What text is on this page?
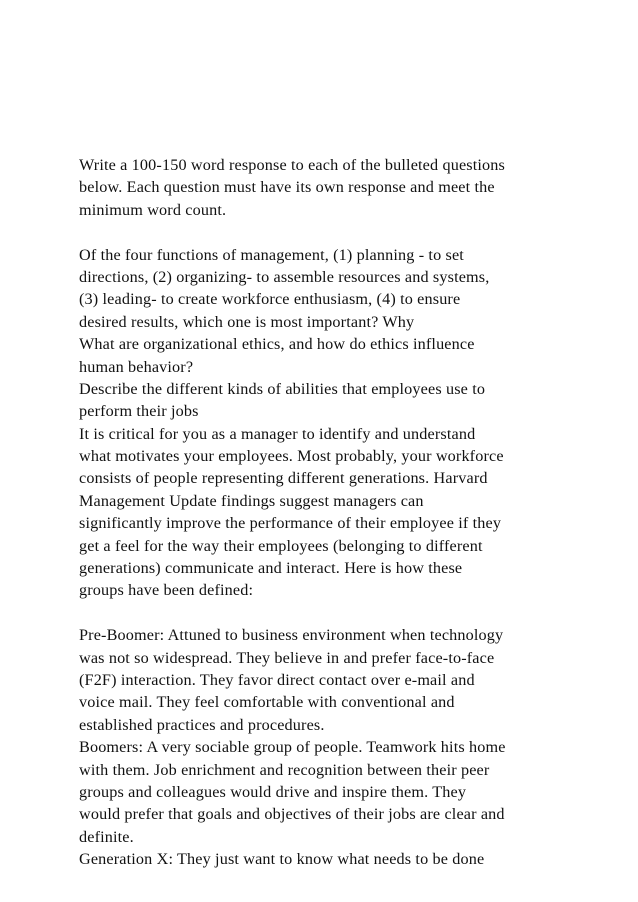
Write a 100-150 word response to each of the bulleted questions
below. Each question must have its own response and meet the
minimum word count.
Of the four functions of management, (1) planning - to set
directions, (2) organizing- to assemble resources and systems,
(3) leading- to create workforce enthusiasm, (4) to ensure
desired results, which one is most important? Why
What are organizational ethics, and how do ethics influence
human behavior?
Describe the different kinds of abilities that employees use to
perform their jobs
It is critical for you as a manager to identify and understand
what motivates your employees. Most probably, your workforce
consists of people representing different generations. Harvard
Management Update findings suggest managers can
significantly improve the performance of their employee if they
get a feel for the way their employees (belonging to different
generations) communicate and interact. Here is how these
groups have been defined:
Pre-Boomer: Attuned to business environment when technology
was not so widespread. They believe in and prefer face-to-face
(F2F) interaction. They favor direct contact over e-mail and
voice mail. They feel comfortable with conventional and
established practices and procedures.
Boomers: A very sociable group of people. Teamwork hits home
with them. Job enrichment and recognition between their peer
groups and colleagues would drive and inspire them. They
would prefer that goals and objectives of their jobs are clear and
definite.
Generation X: They just want to know what needs to be done
